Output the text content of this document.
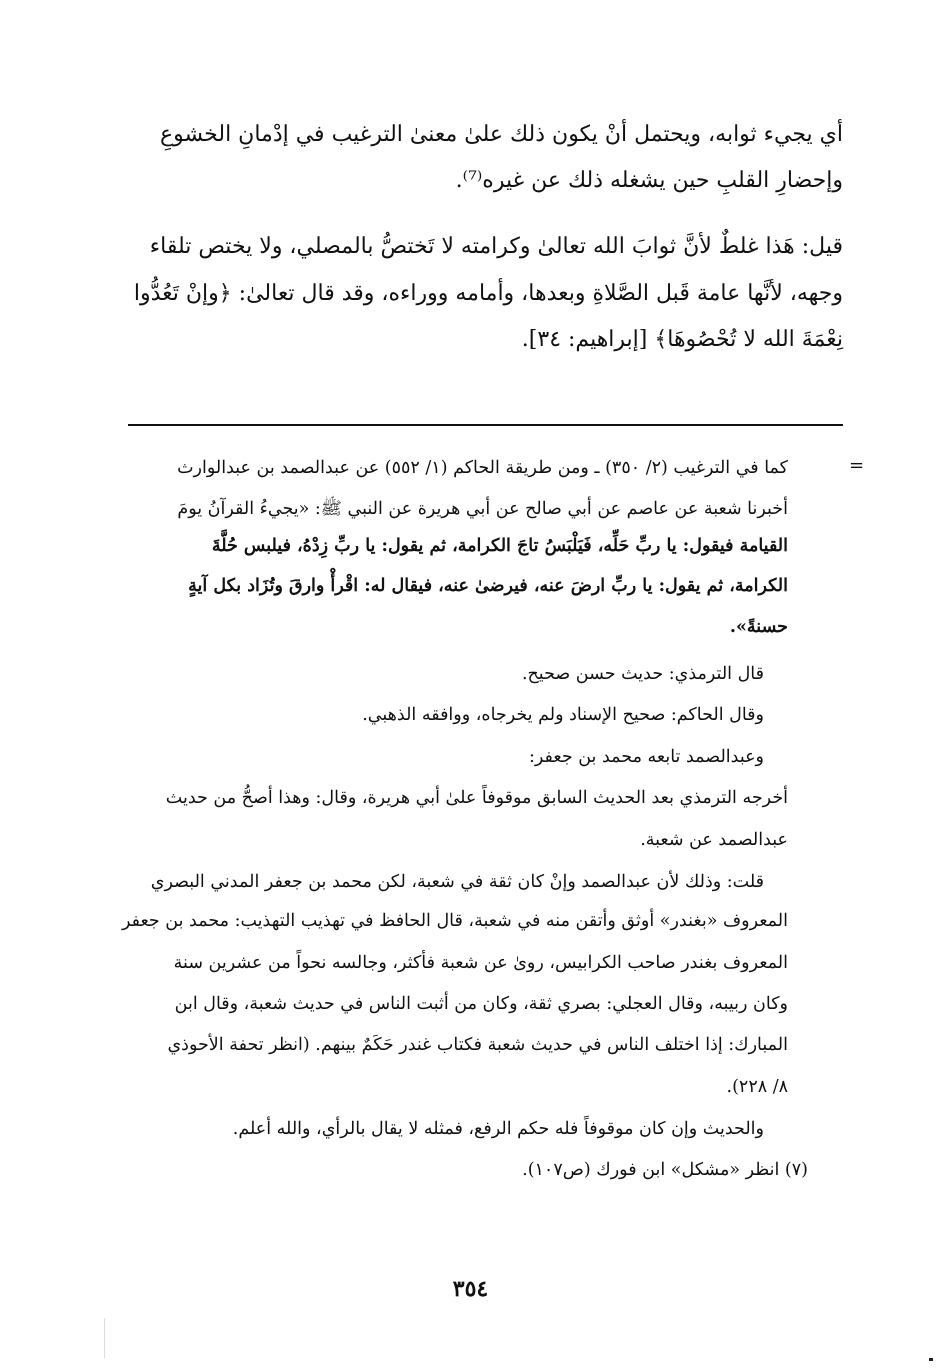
أي يجيء ثوابه، ويحتمل أنْ يكون ذلك علىٰ معنىٰ الترغيب في إدْمانِ الخشوعِ
وإحضارِ القلبِ حين يشغله ذلك عن غيره⁽⁷⁾.
قيل: هَذا غلطٌ لأنَّ ثوابَ الله تعالىٰ وكرامته لا تَختصُّ بالمصلي، ولا يختص تلقاء
وجهه، لأنَّها عامة قَبل الصَّلاةِ وبعدها، وأمامه ووراءه، وقد قال تعالىٰ: ﴿وإنْ تَعُدُّوا
نِعْمَةَ الله لا تُحْصُوهَا﴾ [إبراهيم: ٣٤].
=
كما في الترغيب (٢/ ٣٥٠) ـ ومن طريقة الحاكم (١/ ٥٥٢) عن عبدالصمد بن عبدالوارث
أخبرنا شعبة عن عاصم عن أبي صالح عن أبي هريرة عن النبي ﷺ: «يجيءُ القرآنُ يومَ
القيامة فيقول: يا ربِّ حَلِّه، فَيَلْبَسُ تاجَ الكرامة، ثم يقول: يا ربِّ زِدْهُ، فيلبس حُلَّةَ
الكرامة، ثم يقول: يا ربِّ ارضَ عنه، فيرضىٰ عنه، فيقال له: اقْرأْ وارقَ وتُزَاد بكل آيةٍ
حسنةً».
قال الترمذي: حديث حسن صحيح.
وقال الحاكم: صحيح الإسناد ولم يخرجاه، ووافقه الذهبي.
وعبدالصمد تابعه محمد بن جعفر:
أخرجه الترمذي بعد الحديث السابق موقوفاً علىٰ أبي هريرة، وقال: وهذا أصحُّ من حديث
عبدالصمد عن شعبة.
قلت: وذلك لأن عبدالصمد وإنْ كان ثقة في شعبة، لكن محمد بن جعفر المدني البصري
المعروف «بغندر» أوثق وأتقن منه في شعبة، قال الحافظ في تهذيب التهذيب: محمد بن جعفر
المعروف بغندر صاحب الكرابيس، روىٰ عن شعبة فأكثر، وجالسه نحواً من عشرين سنة
وكان ربيبه، وقال العجلي: بصري ثقة، وكان من أثبت الناس في حديث شعبة، وقال ابن
المبارك: إذا اختلف الناس في حديث شعبة فكتاب غندر حَكَمٌ بينهم. (انظر تحفة الأحوذي
٨/ ٢٢٨).
والحديث وإن كان موقوفاً فله حكم الرفع، فمثله لا يقال بالرأي، والله أعلم.
(٧) انظر «مشكل» ابن فورك (ص١٠٧).
٣٥٤
